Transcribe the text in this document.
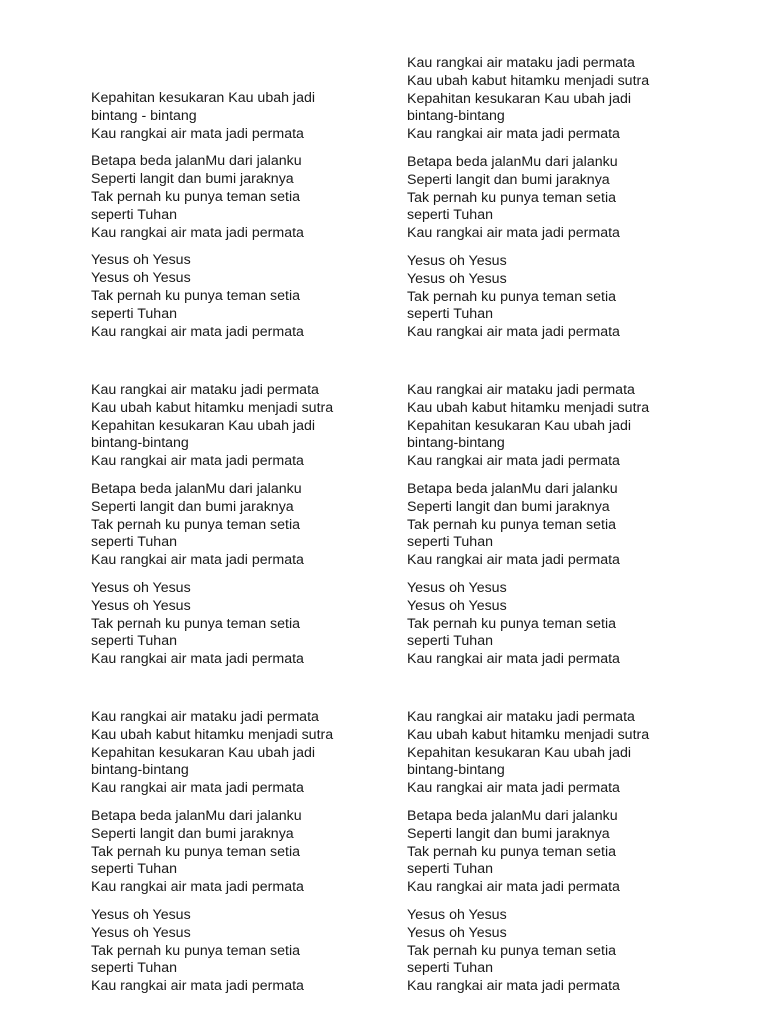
Kepahitan kesukaran Kau ubah jadi
bintang - bintang
Kau rangkai air mata jadi permata
Betapa beda jalanMu dari jalanku
Seperti langit dan bumi jaraknya
Tak pernah ku punya teman setia
seperti Tuhan
Kau rangkai air mata jadi permata
Yesus oh Yesus
Yesus oh Yesus
Tak pernah ku punya teman setia
seperti Tuhan
Kau rangkai air mata jadi permata
Kau rangkai air mataku jadi permata
Kau ubah kabut hitamku menjadi sutra
Kepahitan kesukaran Kau ubah jadi
bintang-bintang
Kau rangkai air mata jadi permata
Betapa beda jalanMu dari jalanku
Seperti langit dan bumi jaraknya
Tak pernah ku punya teman setia
seperti Tuhan
Kau rangkai air mata jadi permata
Yesus oh Yesus
Yesus oh Yesus
Tak pernah ku punya teman setia
seperti Tuhan
Kau rangkai air mata jadi permata
Kau rangkai air mataku jadi permata
Kau ubah kabut hitamku menjadi sutra
Kepahitan kesukaran Kau ubah jadi
bintang-bintang
Kau rangkai air mata jadi permata
Betapa beda jalanMu dari jalanku
Seperti langit dan bumi jaraknya
Tak pernah ku punya teman setia
seperti Tuhan
Kau rangkai air mata jadi permata
Yesus oh Yesus
Yesus oh Yesus
Tak pernah ku punya teman setia
seperti Tuhan
Kau rangkai air mata jadi permata
Kau rangkai air mataku jadi permata
Kau ubah kabut hitamku menjadi sutra
Kepahitan kesukaran Kau ubah jadi
bintang-bintang
Kau rangkai air mata jadi permata
Betapa beda jalanMu dari jalanku
Seperti langit dan bumi jaraknya
Tak pernah ku punya teman setia
seperti Tuhan
Kau rangkai air mata jadi permata
Yesus oh Yesus
Yesus oh Yesus
Tak pernah ku punya teman setia
seperti Tuhan
Kau rangkai air mata jadi permata
Kau rangkai air mataku jadi permata
Kau ubah kabut hitamku menjadi sutra
Kepahitan kesukaran Kau ubah jadi
bintang-bintang
Kau rangkai air mata jadi permata
Betapa beda jalanMu dari jalanku
Seperti langit dan bumi jaraknya
Tak pernah ku punya teman setia
seperti Tuhan
Kau rangkai air mata jadi permata
Yesus oh Yesus
Yesus oh Yesus
Tak pernah ku punya teman setia
seperti Tuhan
Kau rangkai air mata jadi permata
Kau rangkai air mataku jadi permata
Kau ubah kabut hitamku menjadi sutra
Kepahitan kesukaran Kau ubah jadi
bintang-bintang
Kau rangkai air mata jadi permata
Betapa beda jalanMu dari jalanku
Seperti langit dan bumi jaraknya
Tak pernah ku punya teman setia
seperti Tuhan
Kau rangkai air mata jadi permata
Yesus oh Yesus
Yesus oh Yesus
Tak pernah ku punya teman setia
seperti Tuhan
Kau rangkai air mata jadi permata
